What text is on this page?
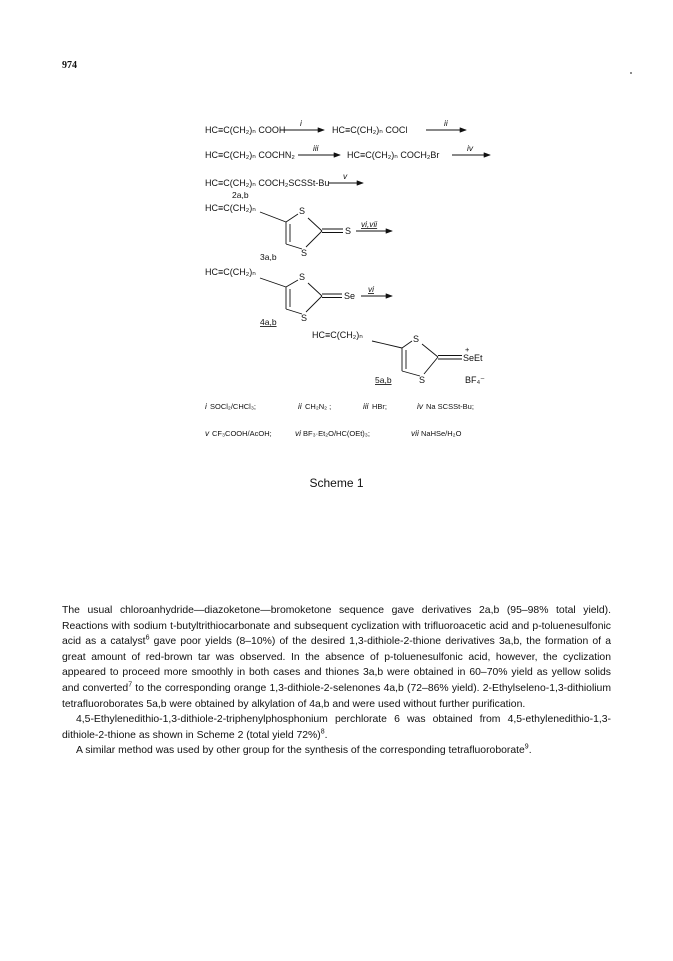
974
HC≡C(CH₂)ₙ COOH
i
HC≡C(CH₂)ₙ COCl
ii
HC≡C(CH₂)ₙ COCHN₂
iii
HC≡C(CH₂)ₙ COCH₂Br
iv
HC≡C(CH₂)ₙ COCH₂SCSSt-Bu
v
2a,b
HC≡C(CH₂)ₙ	S
S
S
vi,vii
3a,b
HC≡C(CH₂)ₙ	S
S
Se
vi
4a,b
HC≡C(CH₂)ₙ	S
S
+
SeEt
5a,b	BF₄⁻
i SOCl₂/CHCl₃;	ii CH₂N₂ ;	iii HBr;	iv Na SCSSt-Bu;
v CF₃COOH/AcOH;	vi BF₃·Et₂O/HC(OEt)₃;	vii NaHSe/H₂O
Scheme 1

The usual chloroanhydride—diazoketone—bromoketone sequence gave derivatives 2a,b (95–98% total yield). Reactions with sodium t-butyltrithiocarbonate and subsequent cyclization with trifluoroacetic acid and p-toluenesulfonic acid as a catalyst$^6$ gave poor yields (8–10%) of the desired 1,3-dithiole-2-thione derivatives 3a,b, the formation of a great amount of red-brown tar was observed. In the absence of p-toluenesulfonic acid, however, the cyclization appeared to proceed more smoothly in both cases and thiones 3a,b were obtained in 60–70% yield as yellow solids and converted$^7$ to the corresponding orange 1,3-dithiole-2-selenones 4a,b (72–86% yield). 2-Ethylseleno-1,3-dithiolium tetrafluoroborates 5a,b were obtained by alkylation of 4a,b and were used without further purification.

4,5-Ethylenedithio-1,3-dithiole-2-triphenylphosphonium perchlorate 6 was obtained from 4,5-ethylenedithio-1,3-dithiole-2-thione as shown in Scheme 2 (total yield 72%)$^8$.

A similar method was used by other group for the synthesis of the corresponding tetrafluoroborate$^9$.
